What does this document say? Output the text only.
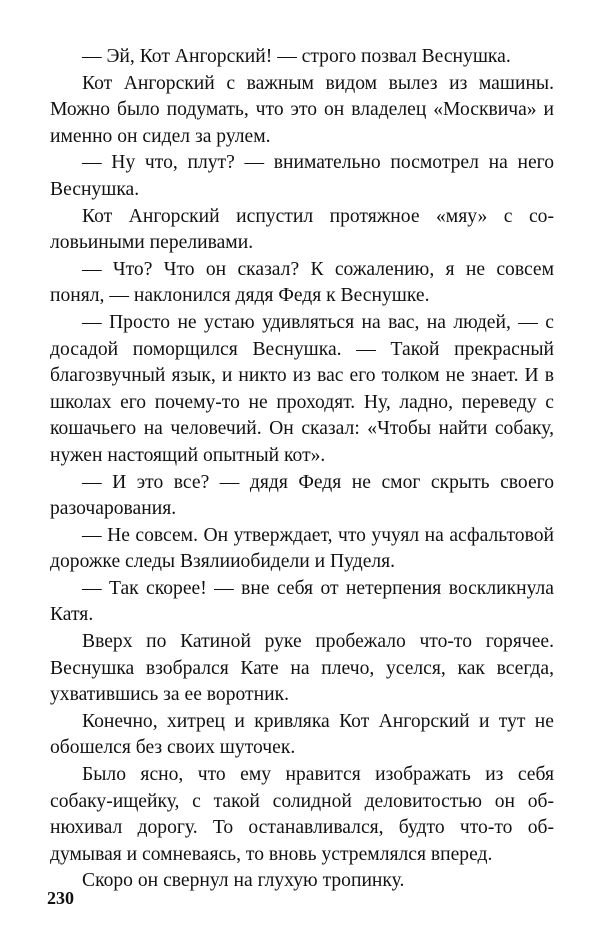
— Эй, Кот Ангорский! — строго позвал Веснушка.

Кот Ангорский с важным видом вылез из машины. Можно было подумать, что это он владелец «Москвича» и именно он сидел за рулем.

— Ну что, плут? — внимательно посмотрел на него Веснушка.

Кот Ангорский испустил протяжное «мяу» с соловьиными переливами.

— Что? Что он сказал? К сожалению, я не совсем понял, — наклонился дядя Федя к Веснушке.

— Просто не устаю удивляться на вас, на людей, — с досадой поморщился Веснушка. — Такой прекрасный благозвучный язык, и никто из вас его толком не знает. И в школах его почему-то не проходят. Ну, ладно, переведу с кошачьего на человечий. Он сказал: «Чтобы найти собаку, нужен настоящий опытный кот».

— И это все? — дядя Федя не смог скрыть своего разочарования.

— Не совсем. Он утверждает, что учуял на асфальтовой дорожке следы Взялииобидели и Пуделя.

— Так скорее! — вне себя от нетерпения воскликнула Катя.

Вверх по Катиной руке пробежало что-то горячее. Веснушка взобрался Кате на плечо, уселся, как всегда, ухватившись за ее воротник.

Конечно, хитрец и кривляка Кот Ангорский и тут не обошелся без своих шуточек.

Было ясно, что ему нравится изображать из себя собаку-ищейку, с такой солидной деловитостью он обнюхивал дорогу. То останавливался, будто что-то обдумывая и сомневаясь, то вновь устремлялся вперед.

Скоро он свернул на глухую тропинку.

230
